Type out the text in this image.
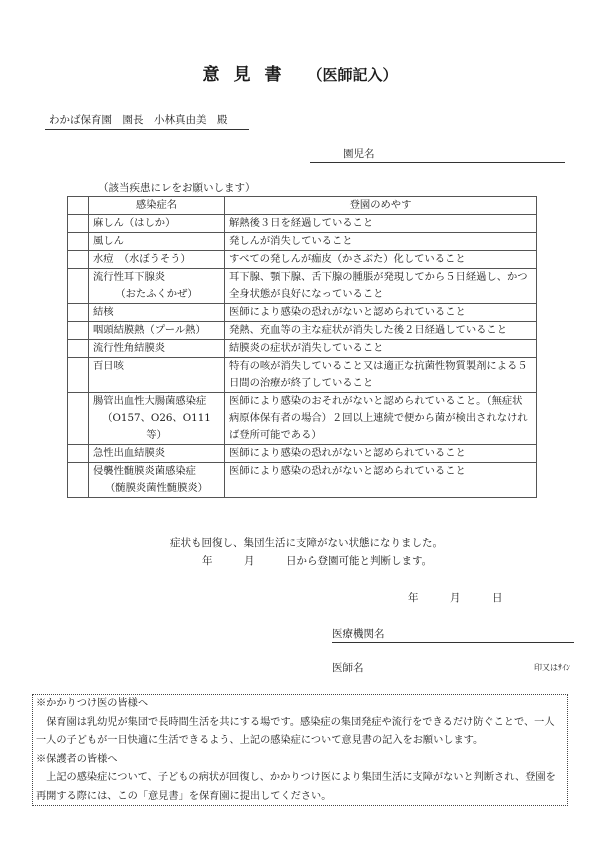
意見書 （医師記入）
わかば保育園　園長　小林真由美　殿
園児名
（該当疾患にレをお願いします）
	感染症名	登園のめやす

	麻しん（はしか）	解熱後３日を経過していること

	風しん	発しんが消失していること

	水痘　（水ぼうそう）	すべての発しんが痂皮（かさぶた）化していること

	流行性耳下腺炎
（おたふくかぜ）	耳下腺、顎下腺、舌下腺の腫脹が発現してから５日経過し、かつ全身状態が良好になっていること

	結核	医師により感染の恐れがないと認められていること

	咽頭結膜熱（プール熱）	発熱、充血等の主な症状が消失した後２日経過していること

	流行性角結膜炎	結膜炎の症状が消失していること

	百日咳	特有の咳が消失していること又は適正な抗菌性物質製剤による５日間の治療が終了していること

	腸管出血性大腸菌感染症
（O157、O26、O111 等）	医師により感染のおそれがないと認められていること。（無症状病原体保有者の場合）２回以上連続で便から菌が検出されなければ登所可能である）

	急性出血結膜炎	医師により感染の恐れがないと認められていること

	侵襲性髄膜炎菌感染症
（髄膜炎菌性髄膜炎）	医師により感染の恐れがないと認められていること
症状も回復し、集団生活に支障がない状態になりました。
年　　　月　　　日から登園可能と判断します。
年　　　月　　　日
医療機関名
医師名	印又はｻｲﾝ

※かかりつけ医の皆様へ

保育園は乳幼児が集団で長時間生活を共にする場です。感染症の集団発症や流行をできるだけ防ぐことで、一人一人の子どもが一日快適に生活できるよう、上記の感染症について意見書の記入をお願いします。

※保護者の皆様へ

上記の感染症について、子どもの病状が回復し、かかりつけ医により集団生活に支障がないと判断され、登園を再開する際には、この「意見書」を保育園に提出してください。
